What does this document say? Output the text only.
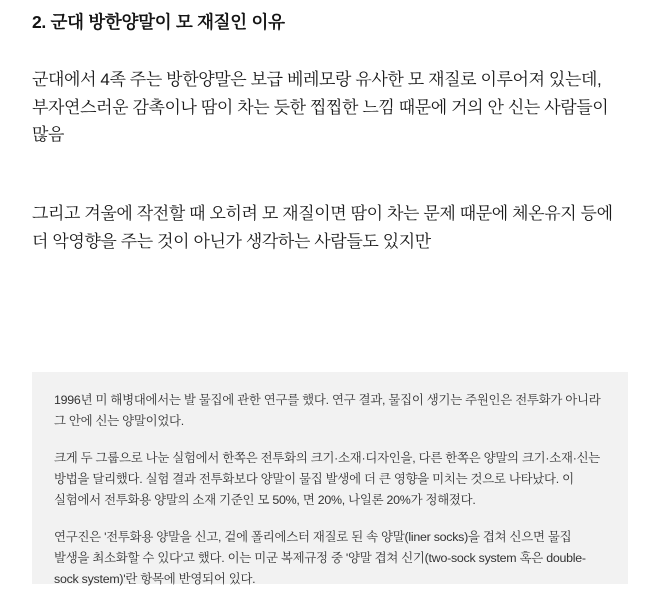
2. 군대 방한양말이 모 재질인 이유
군대에서 4족 주는 방한양말은 보급 베레모랑 유사한 모 재질로 이루어져 있는데, 부자연스러운 감촉이나 땀이 차는 듯한 찝찝한 느낌 때문에 거의 안 신는 사람들이 많음
그리고 겨울에 작전할 때 오히려 모 재질이면 땀이 차는 문제 때문에 체온유지 등에 더 악영향을 주는 것이 아닌가 생각하는 사람들도 있지만

1996년 미 해병대에서는 발 물집에 관한 연구를 했다. 연구 결과, 물집이 생기는 주원인은 전투화가 아니라 그 안에 신는 양말이었다.

크게 두 그룹으로 나눈 실험에서 한쪽은 전투화의 크기·소재·디자인을, 다른 한쪽은 양말의 크기·소재·신는 방법을 달리했다. 실험 결과 전투화보다 양말이 물집 발생에 더 큰 영향을 미치는 것으로 나타났다. 이 실험에서 전투화용 양말의 소재 기준인 모 50%, 면 20%, 나일론 20%가 정해졌다.

연구진은 '전투화용 양말을 신고, 겉에 폴리에스터 재질로 된 속 양말(liner socks)을 겹쳐 신으면 물집 발생을 최소화할 수 있다'고 했다. 이는 미군 복제규정 중 '양말 겹쳐 신기(two-sock system 혹은 double-sock system)'란 항목에 반영되어 있다.
